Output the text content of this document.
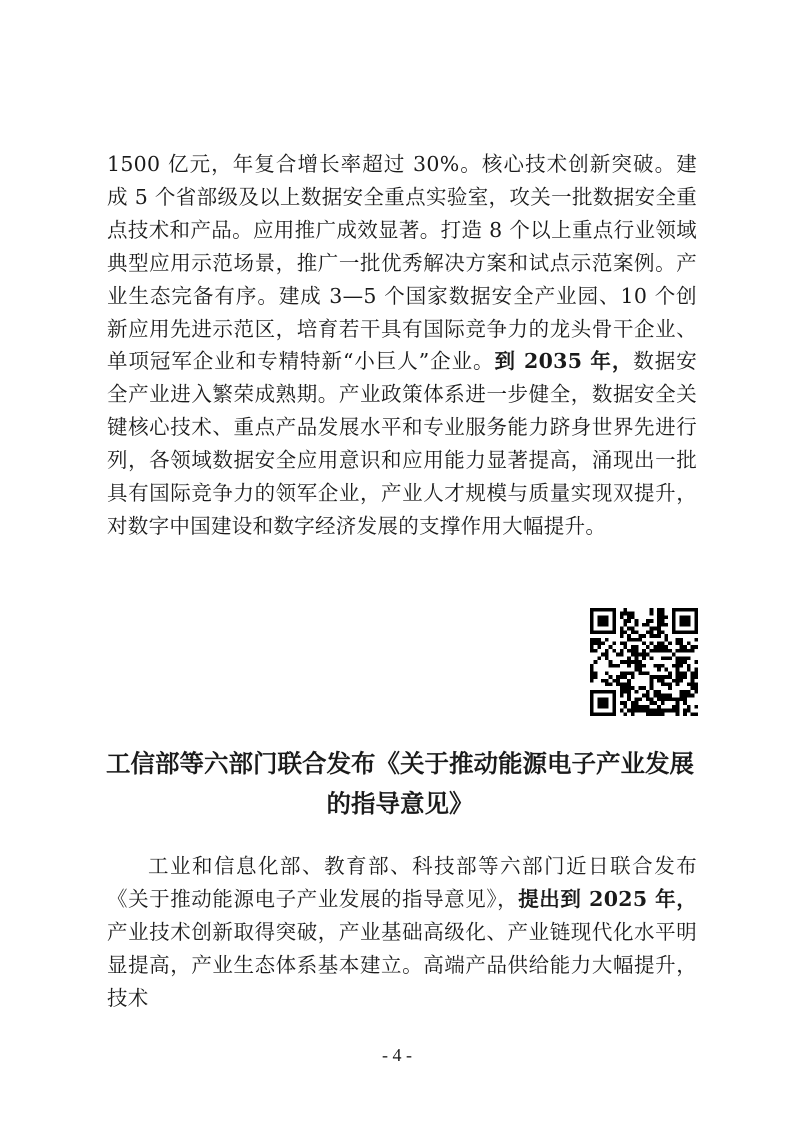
1500 亿元，年复合增长率超过 30%。核心技术创新突破。建成 5 个省部级及以上数据安全重点实验室，攻关一批数据安全重点技术和产品。应用推广成效显著。打造 8 个以上重点行业领域典型应用示范场景，推广一批优秀解决方案和试点示范案例。产业生态完备有序。建成 3—5 个国家数据安全产业园、10 个创新应用先进示范区，培育若干具有国际竞争力的龙头骨干企业、单项冠军企业和专精特新“小巨人”企业。到 2035 年，数据安全产业进入繁荣成熟期。产业政策体系进一步健全，数据安全关键核心技术、重点产品发展水平和专业服务能力跻身世界先进行列，各领域数据安全应用意识和应用能力显著提高，涌现出一批具有国际竞争力的领军企业，产业人才规模与质量实现双提升，对数字中国建设和数字经济发展的支撑作用大幅提升。

工信部等六部门联合发布《关于推动能源电子产业发展的指导意见》

工业和信息化部、教育部、科技部等六部门近日联合发布《关于推动能源电子产业发展的指导意见》，提出到 2025 年，产业技术创新取得突破，产业基础高级化、产业链现代化水平明显提高，产业生态体系基本建立。高端产品供给能力大幅提升，技术

- 4 -
